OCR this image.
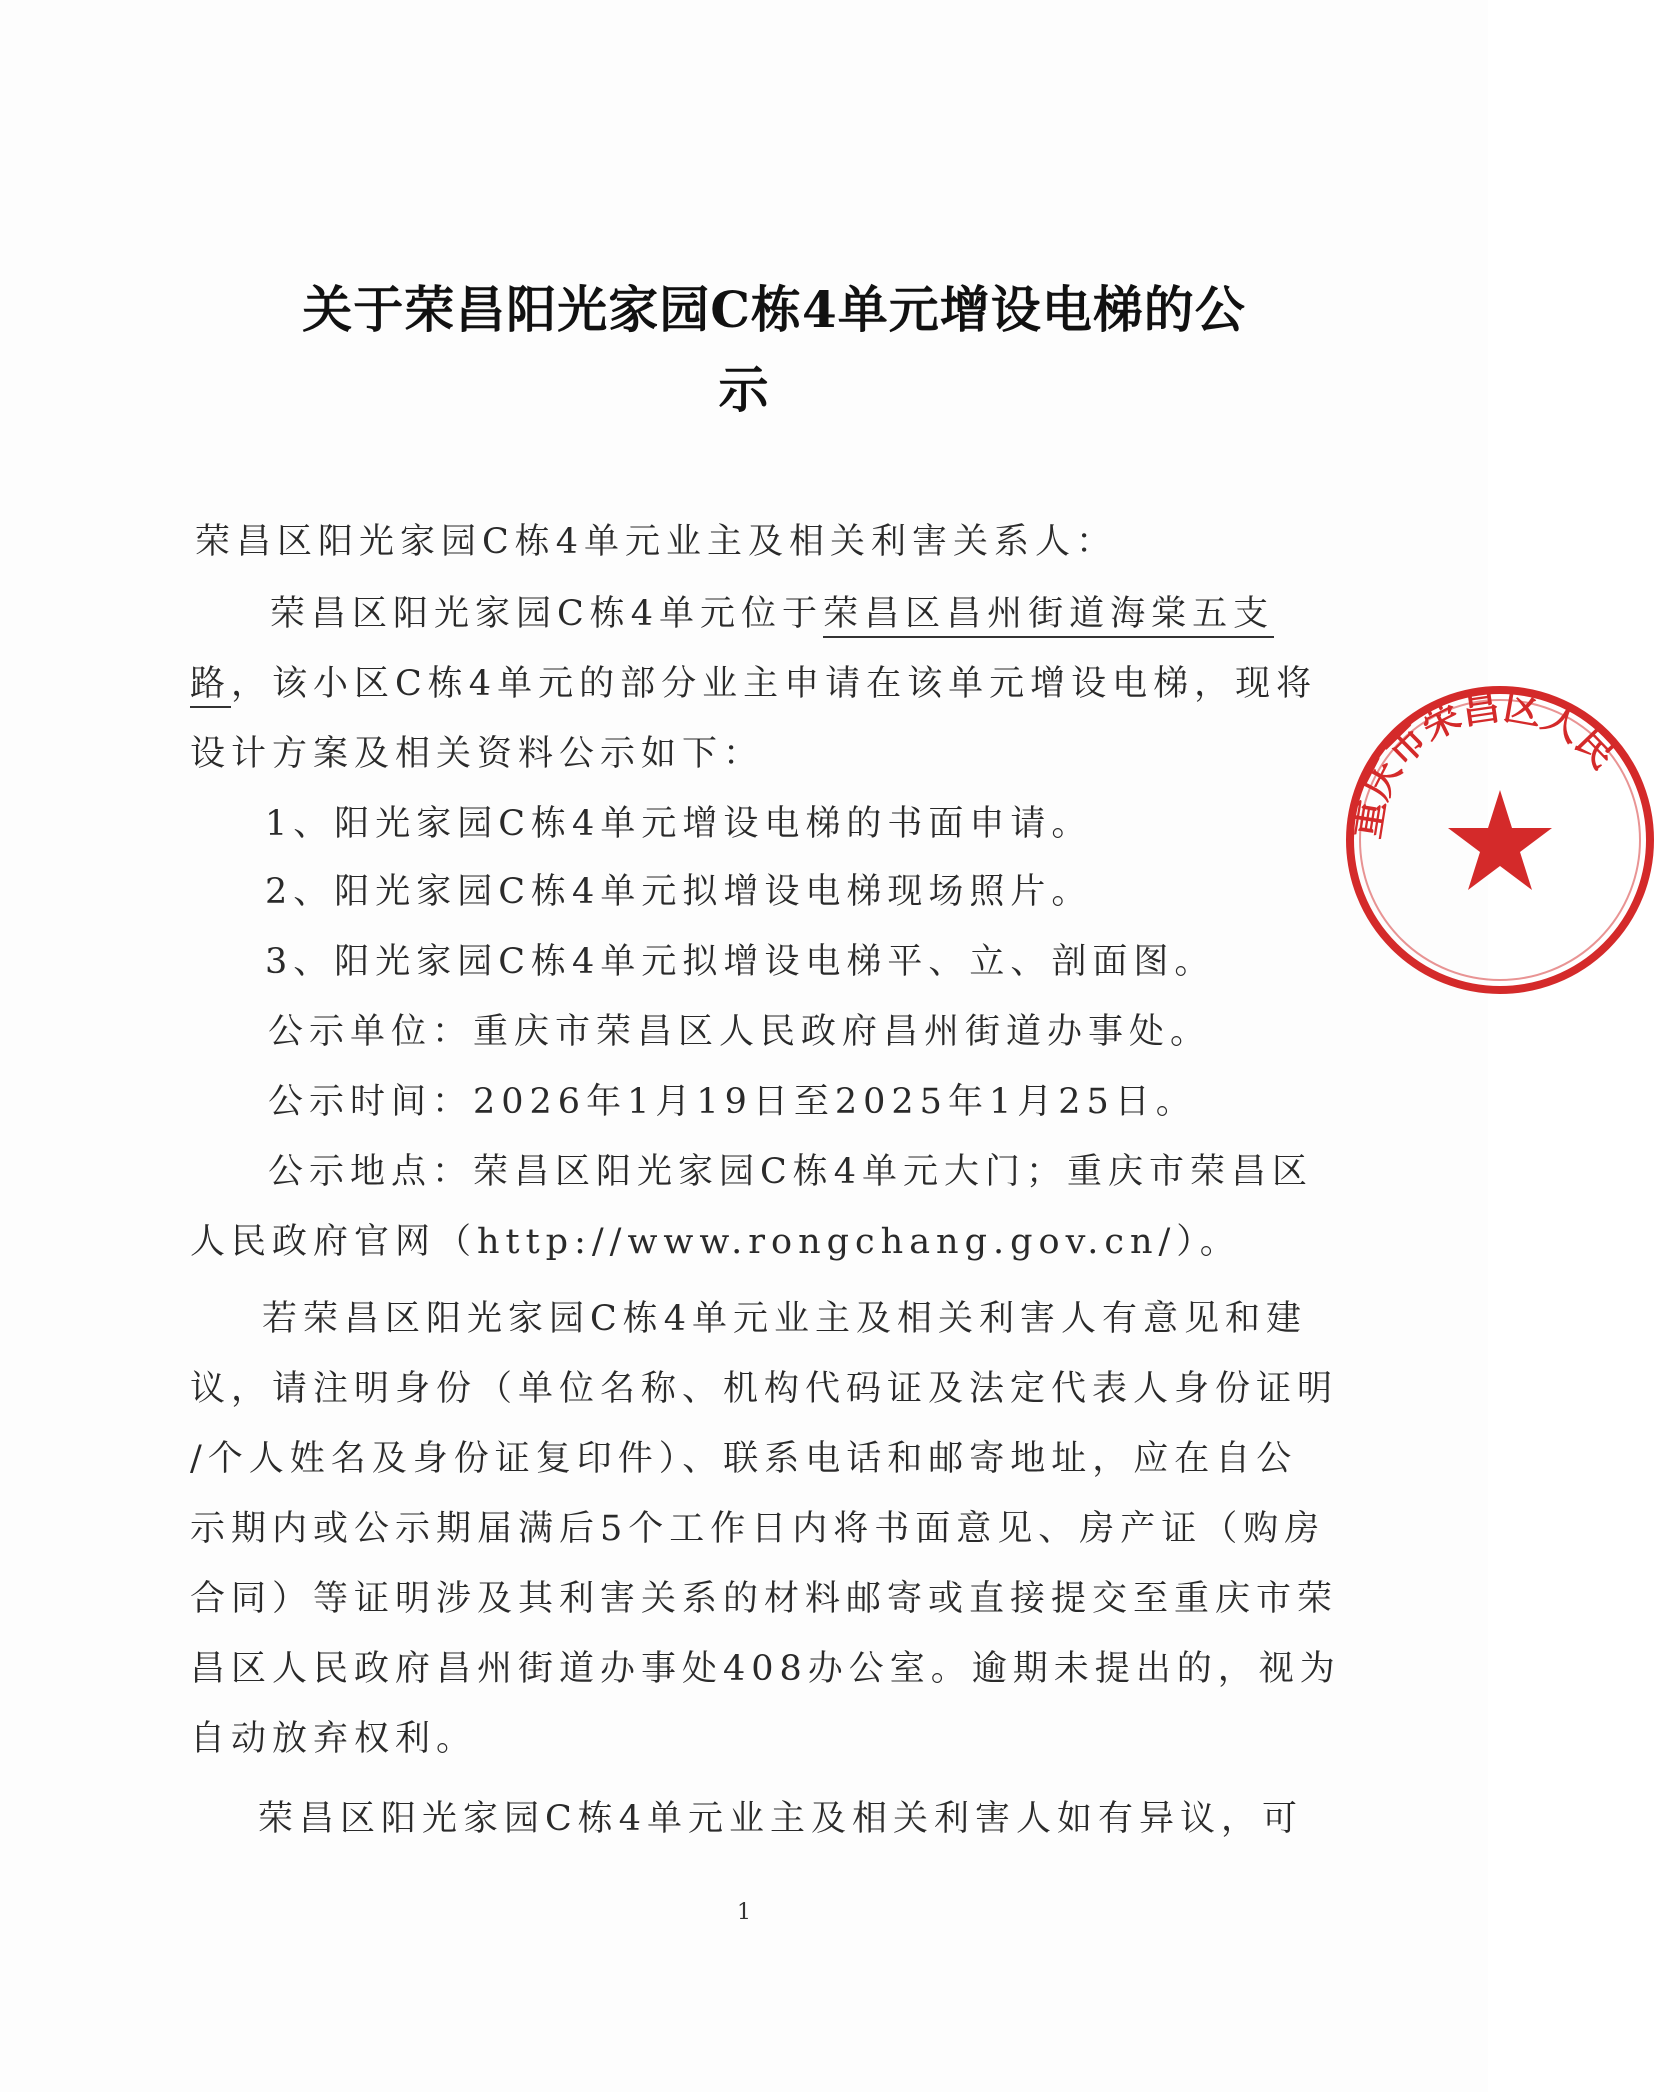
关于荣昌阳光家园C栋4单元增设电梯的公
示
荣昌区阳光家园C栋4单元业主及相关利害关系人：
荣昌区阳光家园C栋4单元位于荣昌区昌州街道海棠五支
路，该小区C栋4单元的部分业主申请在该单元增设电梯，现将
设计方案及相关资料公示如下：
1、阳光家园C栋4单元增设电梯的书面申请。
2、阳光家园C栋4单元拟增设电梯现场照片。
3、阳光家园C栋4单元拟增设电梯平、立、剖面图。
公示单位：重庆市荣昌区人民政府昌州街道办事处。
公示时间：2026年1月19日至2025年1月25日。
公示地点：荣昌区阳光家园C栋4单元大门；重庆市荣昌区
人民政府官网（http://www.rongchang.gov.cn/）。
若荣昌区阳光家园C栋4单元业主及相关利害人有意见和建
议，请注明身份（单位名称、机构代码证及法定代表人身份证明
/个人姓名及身份证复印件）、联系电话和邮寄地址，应在自公
示期内或公示期届满后5个工作日内将书面意见、房产证（购房
合同）等证明涉及其利害关系的材料邮寄或直接提交至重庆市荣
昌区人民政府昌州街道办事处408办公室。逾期未提出的，视为
自动放弃权利。
荣昌区阳光家园C栋4单元业主及相关利害人如有异议，可
1
重庆市荣昌区人民
